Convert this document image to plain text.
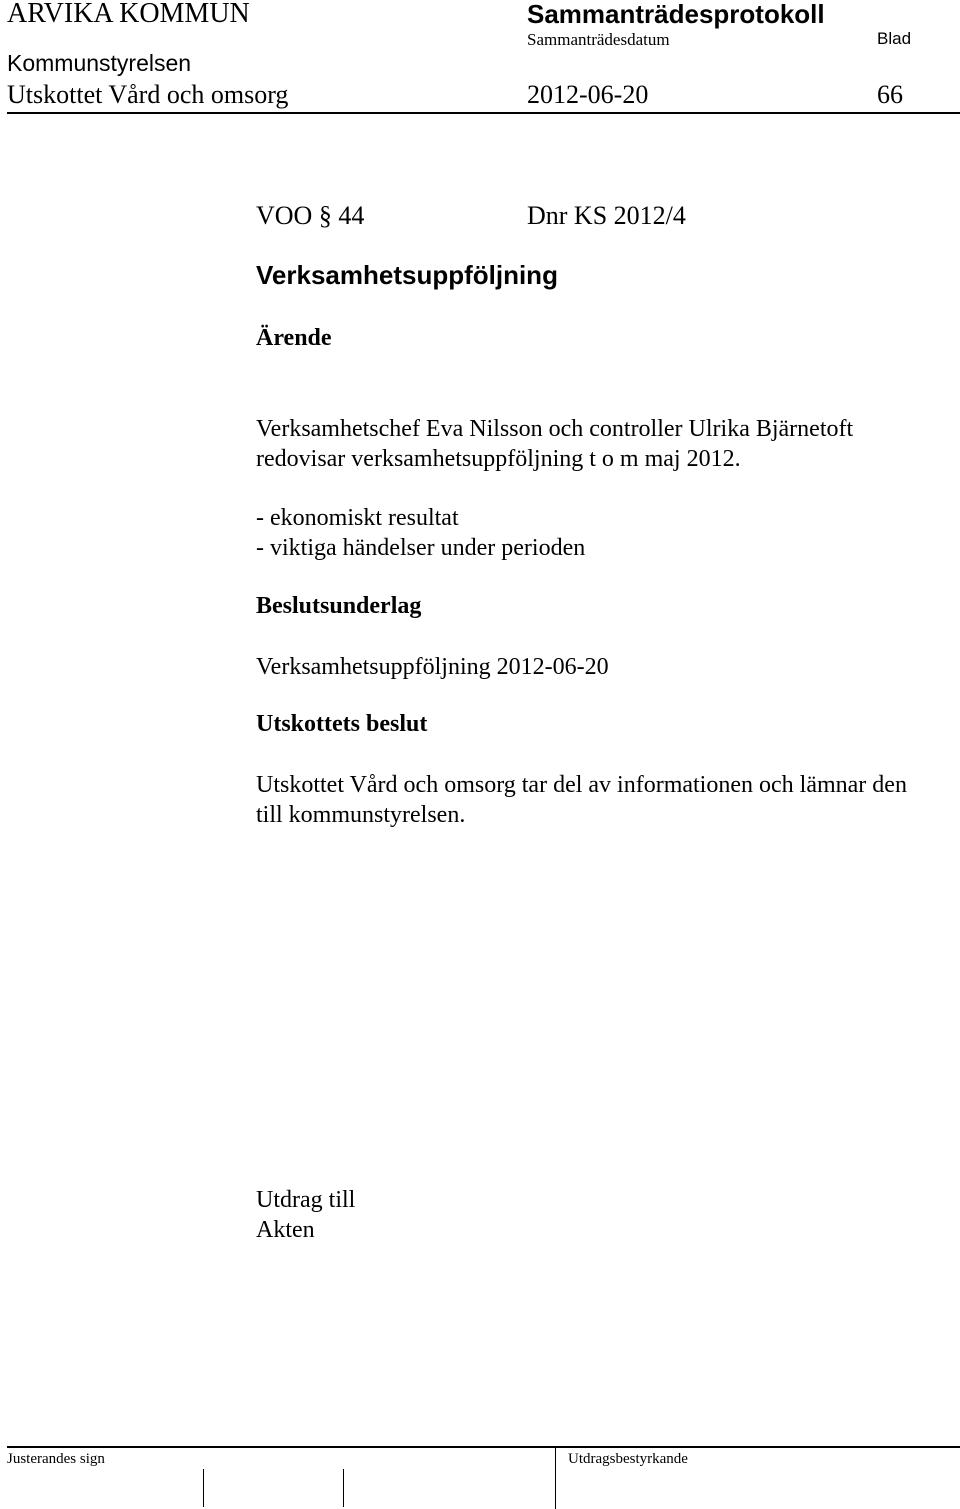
ARVIKA KOMMUN	Sammanträdesprotokoll
Sammanträdesdatum	Blad
Kommunstyrelsen
Utskottet Vård och omsorg	2012-06-20	66
VOO § 44	Dnr KS 2012/4
Verksamhetsuppföljning
Ärende
Verksamhetschef Eva Nilsson och controller Ulrika Bjärnetoft
redovisar verksamhetsuppföljning t o m maj 2012.
- ekonomiskt resultat
- viktiga händelser under perioden
Beslutsunderlag
Verksamhetsuppföljning 2012-06-20
Utskottets beslut
Utskottet Vård och omsorg tar del av informationen och lämnar den
till kommunstyrelsen.
Utdrag till
Akten
Justerandes sign	Utdragsbestyrkande
